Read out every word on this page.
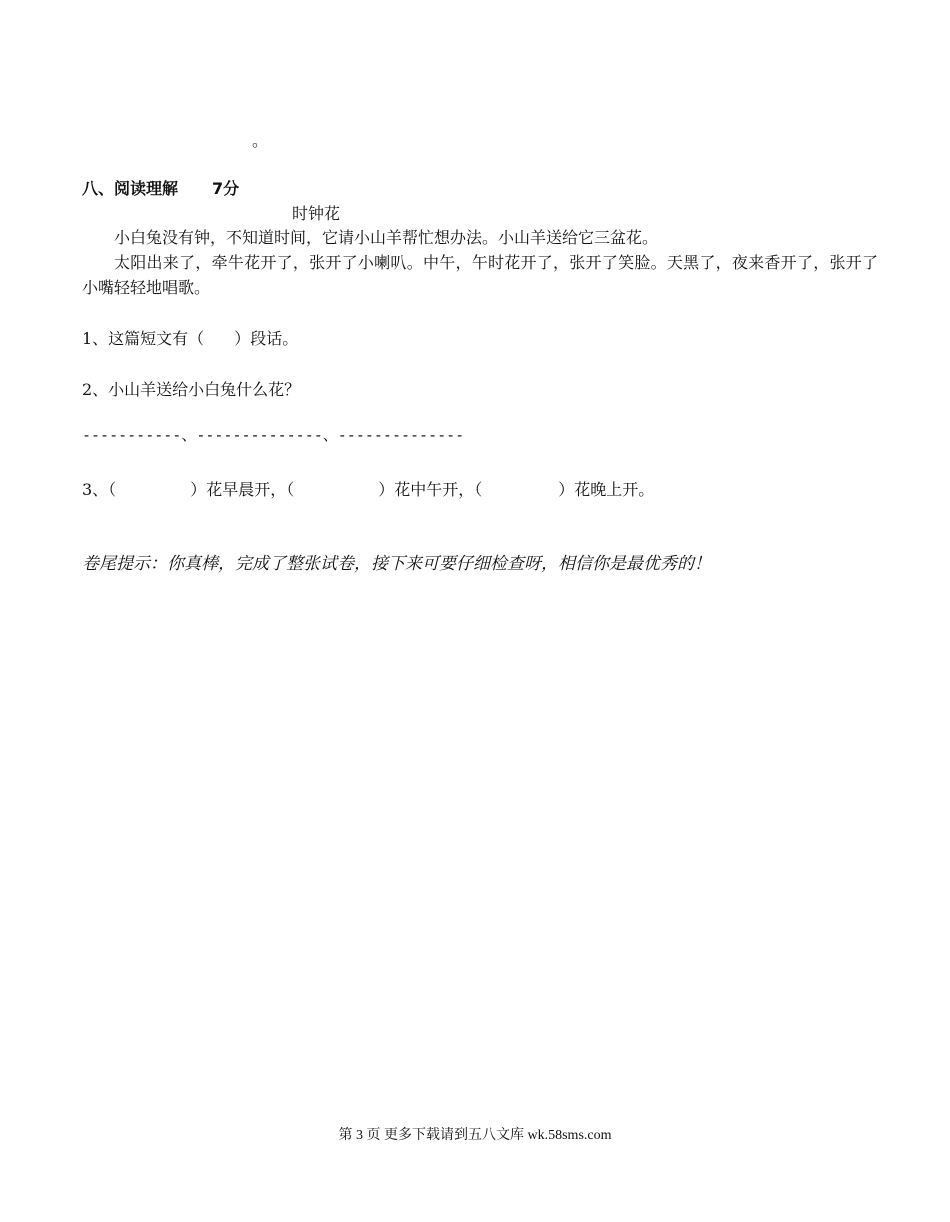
。
八、阅读理解 7分
时钟花

小白兔没有钟，不知道时间，它请小山羊帮忙想办法。小山羊送给它三盆花。

太阳出来了，牵牛花开了，张开了小喇叭。中午，午时花开了，张开了笑脸。天黑了，夜来香开了，张开了小嘴轻轻地唱歌。

1、这篇短文有（ ）段话。
2、小山羊送给小白兔什么花？
-----------、--------------、--------------
3、（	）花早晨开，（	）花中午开，（	）花晚上开。
卷尾提示：你真棒，完成了整张试卷，接下来可要仔细检查呀，相信你是最优秀的！
第 3 页 更多下载请到五八文库 wk.58sms.com
